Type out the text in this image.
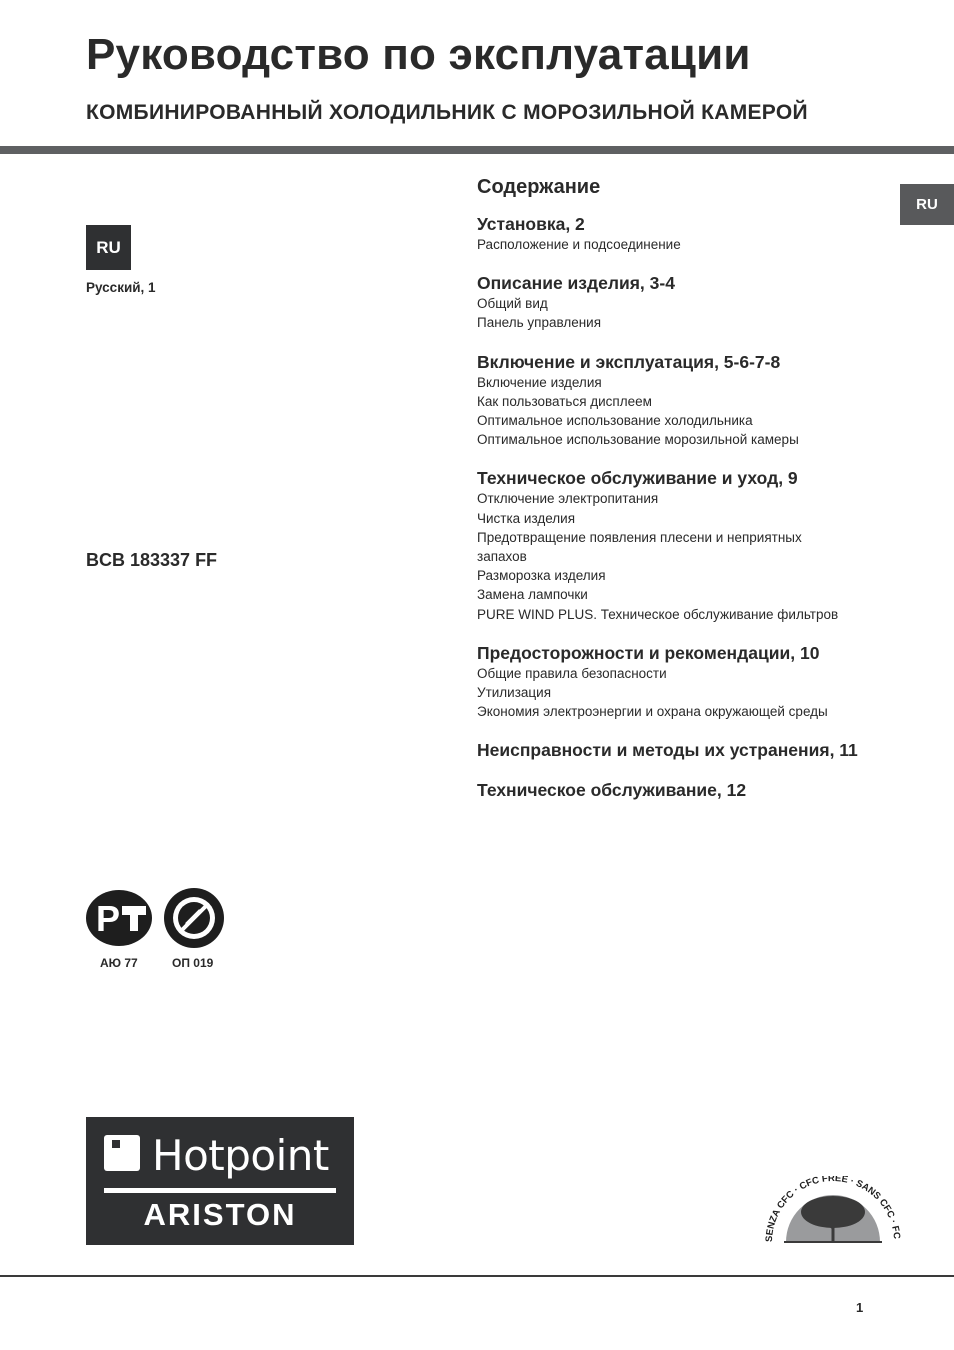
Руководство по эксплуатации
КОМБИНИРОВАННЫЙ ХОЛОДИЛЬНИК С МОРОЗИЛЬНОЙ КАМЕРОЙ
RU
RU
Русский, 1
BCB 183337 FF
Содержание
Установка, 2
Расположение и подсоединение
Описание изделия, 3-4
Общий вид
Панель управления
Включение и эксплуатация, 5-6-7-8
Включение изделия
Как пользоваться дисплеем
Оптимальное использование холодильника
Оптимальное использование морозильной камеры
Техническое обслуживание и уход, 9
Отключение электропитания
Чистка изделия
Предотвращение появления плесени и неприятных запахов
Разморозка изделия
Замена лампочки
PURE WIND PLUS. Техническое обслуживание фильтров
Предосторожности и рекомендации, 10
Общие правила безопасности
Утилизация
Экономия электроэнергии и охрана окружающей среды
Неисправности и методы их устранения, 11
Техническое обслуживание, 12
Р
АЮ 77	ОП 019
Hotpoint
ARISTON
SENZA CFC · CFC FREE · SANS CFC · FC
1
